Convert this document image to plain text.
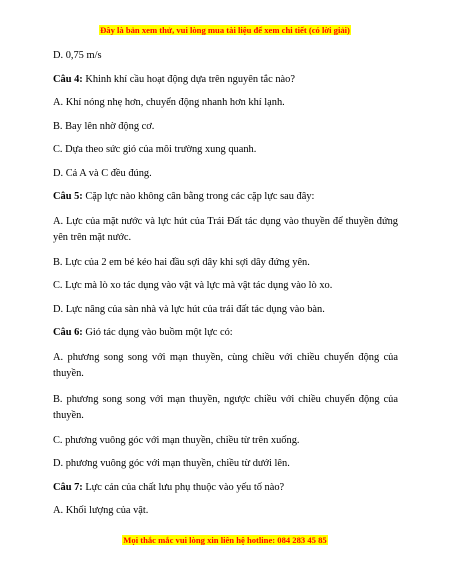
Đây là bản xem thử, vui lòng mua tài liệu để xem chi tiết (có lời giải)
D. 0,75 m/s
Câu 4: Khinh khí cầu hoạt động dựa trên nguyên tắc nào?
A. Khí nóng nhẹ hơn, chuyển động nhanh hơn khí lạnh.
B. Bay lên nhờ động cơ.
C. Dựa theo sức gió của môi trường xung quanh.
D. Cả A và C đều đúng.
Câu 5: Cặp lực nào không cân bằng trong các cặp lực sau đây:
A. Lực của mặt nước và lực hút của Trái Đất tác dụng vào thuyền để thuyền đứng yên trên mặt nước.
B. Lực của 2 em bé kéo hai đầu sợi dây khi sợi dây đứng yên.
C. Lực mà lò xo tác dụng vào vật và lực mà vật tác dụng vào lò xo.
D. Lực nâng của sàn nhà và lực hút của trái đất tác dụng vào bàn.
Câu 6: Gió tác dụng vào buồm một lực có:
A. phương song song với mạn thuyền, cùng chiều với chiều chuyển động của thuyền.
B. phương song song với mạn thuyền, ngược chiều với chiều chuyển động của thuyền.
C. phương vuông góc với mạn thuyền, chiều từ trên xuống.
D. phương vuông góc với mạn thuyền, chiều từ dưới lên.
Câu 7: Lực cản của chất lưu phụ thuộc vào yếu tố nào?
A. Khối lượng của vật.
Mọi thắc mắc vui lòng xin liên hệ hotline: 084 283 45 85
